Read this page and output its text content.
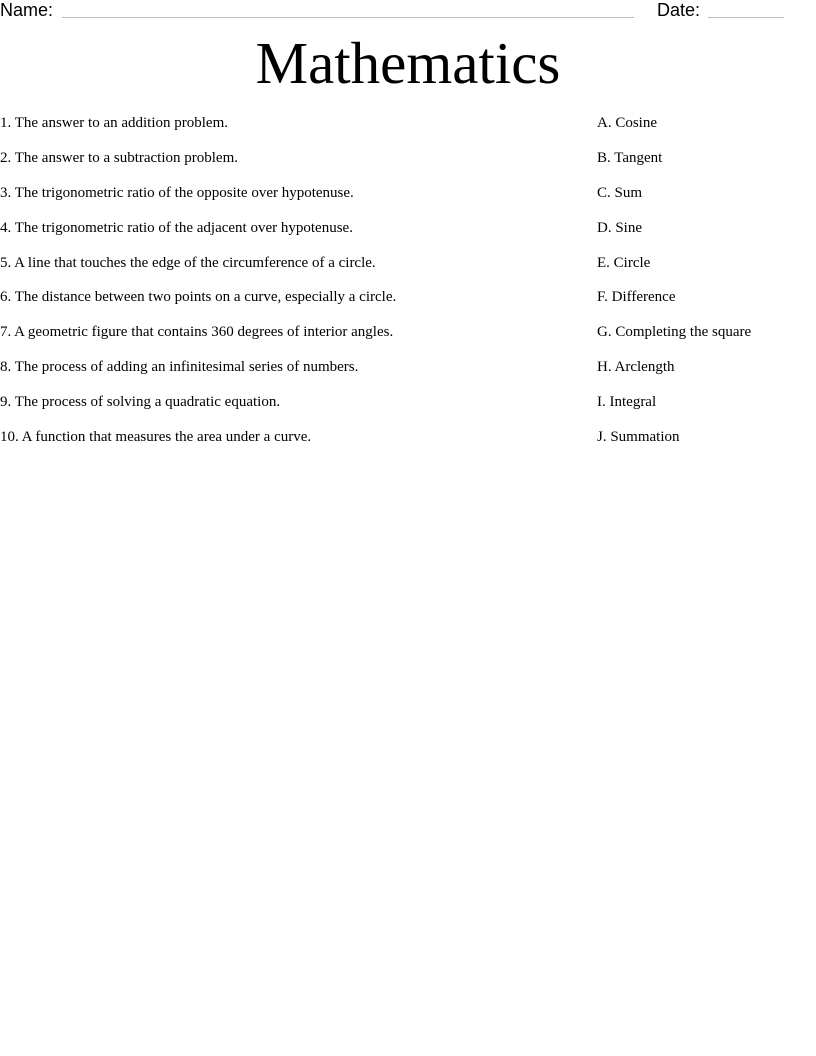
Name:	Date:
Mathematics
1. The answer to an addition problem.	A. Cosine
2. The answer to a subtraction problem.	B. Tangent
3. The trigonometric ratio of the opposite over hypotenuse.	C. Sum
4. The trigonometric ratio of the adjacent over hypotenuse.	D. Sine
5. A line that touches the edge of the circumference of a circle.	E. Circle
6. The distance between two points on a curve, especially a circle.	F. Difference
7. A geometric figure that contains 360 degrees of interior angles.	G. Completing the square
8. The process of adding an infinitesimal series of numbers.	H. Arclength
9. The process of solving a quadratic equation.	I. Integral
10. A function that measures the area under a curve.	J. Summation
